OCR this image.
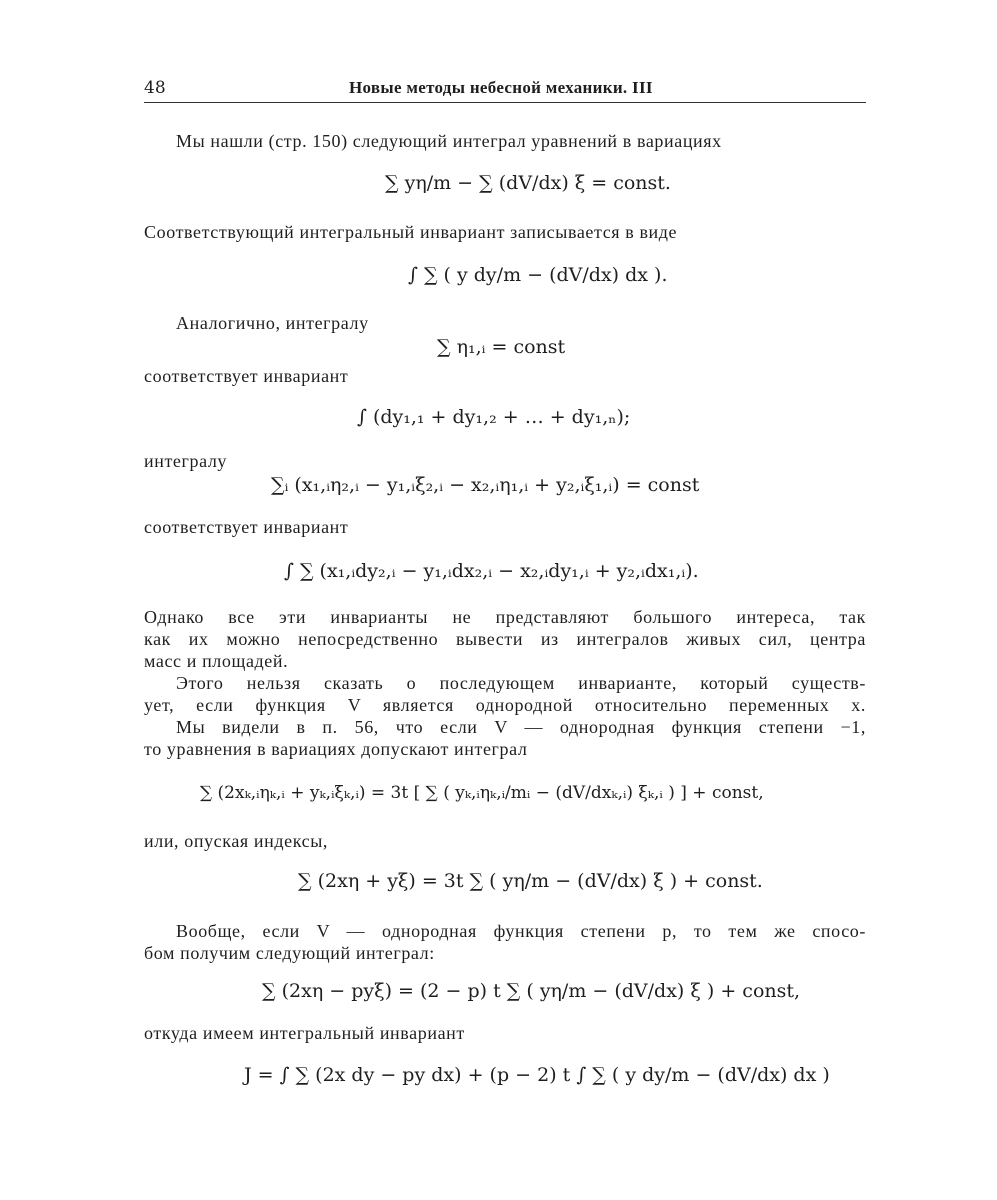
48	Новые методы небесной механики. III
Мы нашли (стр. 150) следующий интеграл уравнений в вариациях
∑ yη/m − ∑ (dV/dx) ξ = const.
Соответствующий интегральный инвариант записывается в виде
∫ ∑ ( y dy/m − (dV/dx) dx ).
Аналогично, интегралу
∑ η₁,ᵢ = const
соответствует инвариант
∫ (dy₁,₁ + dy₁,₂ + … + dy₁,ₙ);
интегралу
∑ᵢ (x₁,ᵢη₂,ᵢ − y₁,ᵢξ₂,ᵢ − x₂,ᵢη₁,ᵢ + y₂,ᵢξ₁,ᵢ) = const
соответствует инвариант
∫ ∑ (x₁,ᵢdy₂,ᵢ − y₁,ᵢdx₂,ᵢ − x₂,ᵢdy₁,ᵢ + y₂,ᵢdx₁,ᵢ).
Однако все эти инварианты не представляют большого интереса, так
как их можно непосредственно вывести из интегралов живых сил, центра
масс и площадей.
Этого нельзя сказать о последующем инварианте, который существ-
ует, если функция V является однородной относительно переменных x.
Мы видели в п. 56, что если V — однородная функция степени −1,
то уравнения в вариациях допускают интеграл
∑ (2xₖ,ᵢηₖ,ᵢ + yₖ,ᵢξₖ,ᵢ) = 3t [ ∑ ( yₖ,ᵢηₖ,ᵢ/mᵢ − (dV/dxₖ,ᵢ) ξₖ,ᵢ ) ] + const,
или, опуская индексы,
∑ (2xη + yξ) = 3t ∑ ( yη/m − (dV/dx) ξ ) + const.
Вообще, если V — однородная функция степени p, то тем же спосо-
бом получим следующий интеграл:
∑ (2xη − pyξ) = (2 − p) t ∑ ( yη/m − (dV/dx) ξ ) + const,
откуда имеем интегральный инвариант
J = ∫ ∑ (2x dy − py dx) + (p − 2) t ∫ ∑ ( y dy/m − (dV/dx) dx )
